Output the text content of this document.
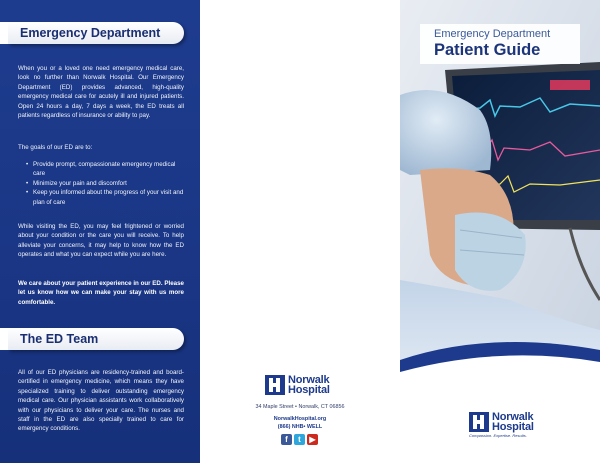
Emergency Department

When you or a loved one need emergency medical care, look no further than Norwalk Hospital. Our Emergency Department (ED) provides advanced, high-quality emergency medical care for acutely ill and injured patients. Open 24 hours a day, 7 days a week, the ED treats all patients regardless of insurance or ability to pay.

The goals of our ED are to:

• Provide prompt, compassionate emergency medical care
• Minimize your pain and discomfort
• Keep you informed about the progress of your visit and plan of care

While visiting the ED, you may feel frightened or worried about your condition or the care you will receive. To help alleviate your concerns, it may help to know how the ED operates and what you can expect while you are here.

We care about your patient experience in our ED. Please let us know how we can make your stay with us more comfortable.

The ED Team

All of our ED physicians are residency-trained and board-certified in emergency medicine, which means they have specialized training to deliver outstanding emergency medical care. Our physician assistants work collaboratively with our physicians to deliver your care. The nurses and staff in the ED are also specially trained to care for emergency conditions.

Norwalk
Hospital
34 Maple Street • Norwalk, CT 06856
NorwalkHospital.org
(866) NHB• WELL
f	t	▶
Emergency Department
Patient Guide
Norwalk
Hospital
Compassion. Expertise. Results.
